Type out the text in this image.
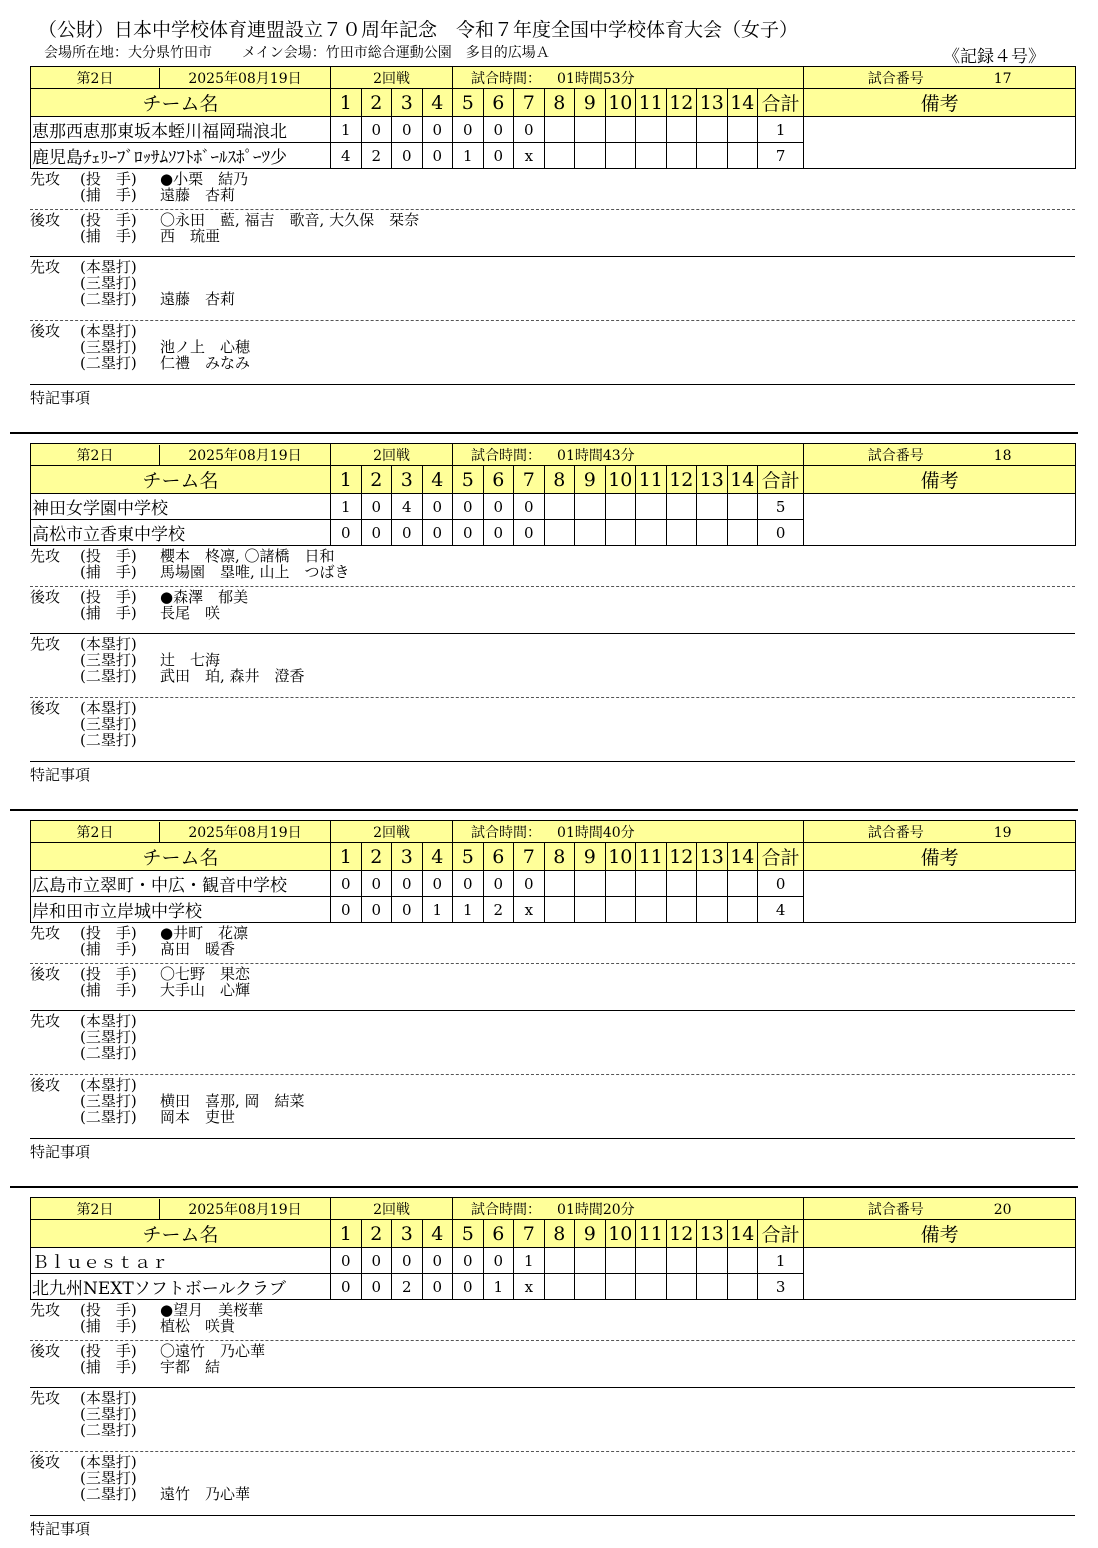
（公財）日本中学校体育連盟設立７０周年記念　令和７年度全国中学校体育大会（女子）
会場所在地：大分県竹田市 メイン会場：竹田市総合運動公園　多目的広場Ａ	《記録４号》
第2日 2025年08月19日	2回戦				試合時間： 01時間53分											試合番号 17
チーム名	1	2	3	4	5	6	7	8	9	10	11	12	13	14	合計	備考
恵那西恵那東坂本蛭川福岡瑞浪北	1	0	0	0	0	0	0								1	
鹿児島ﾁｪﾘｰﾌﾞﾛｯｻﾑｿﾌﾄﾎﾞｰﾙｽﾎﾟｰﾂ少	4	2	0	0	1	0	x								7	
先攻 (投　手) ●小栗　結乃
(捕　手) 遠藤　杏莉
後攻 (投　手) 〇永田　藍, 福吉　歌音, 大久保　栞奈
(捕　手) 西　琉亜
先攻 (本塁打)
(三塁打)
(二塁打) 遠藤　杏莉
後攻 (本塁打)
(三塁打) 池ノ上　心穂
(二塁打) 仁禮　みなみ
特記事項
第2日 2025年08月19日	2回戦				試合時間： 01時間43分											試合番号 18
チーム名	1	2	3	4	5	6	7	8	9	10	11	12	13	14	合計	備考
神田女学園中学校	1	0	4	0	0	0	0								5	
高松市立香東中学校	0	0	0	0	0	0	0								0	
先攻 (投　手) 櫻本　柊凛, 〇諸橋　日和
(捕　手) 馬場園　塁唯, 山上　つばき
後攻 (投　手) ●森澤　郁美
(捕　手) 長尾　咲
先攻 (本塁打)
(三塁打) 辻　七海
(二塁打) 武田　珀, 森井　澄香
後攻 (本塁打)
(三塁打)
(二塁打)
特記事項
第2日 2025年08月19日	2回戦				試合時間： 01時間40分											試合番号 19
チーム名	1	2	3	4	5	6	7	8	9	10	11	12	13	14	合計	備考
広島市立翠町・中広・観音中学校	0	0	0	0	0	0	0								0	
岸和田市立岸城中学校	0	0	0	1	1	2	x								4	
先攻 (投　手) ●井町　花凛
(捕　手) 髙田　暖香
後攻 (投　手) 〇七野　果恋
(捕　手) 大手山　心輝
先攻 (本塁打)
(三塁打)
(二塁打)
後攻 (本塁打)
(三塁打) 横田　喜那, 岡　結菜
(二塁打) 岡本　吏世
特記事項
第2日 2025年08月19日	2回戦				試合時間： 01時間20分											試合番号 20
チーム名	1	2	3	4	5	6	7	8	9	10	11	12	13	14	合計	備考
Ｂｌｕｅｓｔａｒ	0	0	0	0	0	0	1								1	
北九州NEXTソフトボールクラブ	0	0	2	0	0	1	x								3	
先攻 (投　手) ●望月　美桜華
(捕　手) 植松　咲貴
後攻 (投　手) 〇遠竹　乃心華
(捕　手) 宇都　結
先攻 (本塁打)
(三塁打)
(二塁打)
後攻 (本塁打)
(三塁打)
(二塁打) 遠竹　乃心華
特記事項
